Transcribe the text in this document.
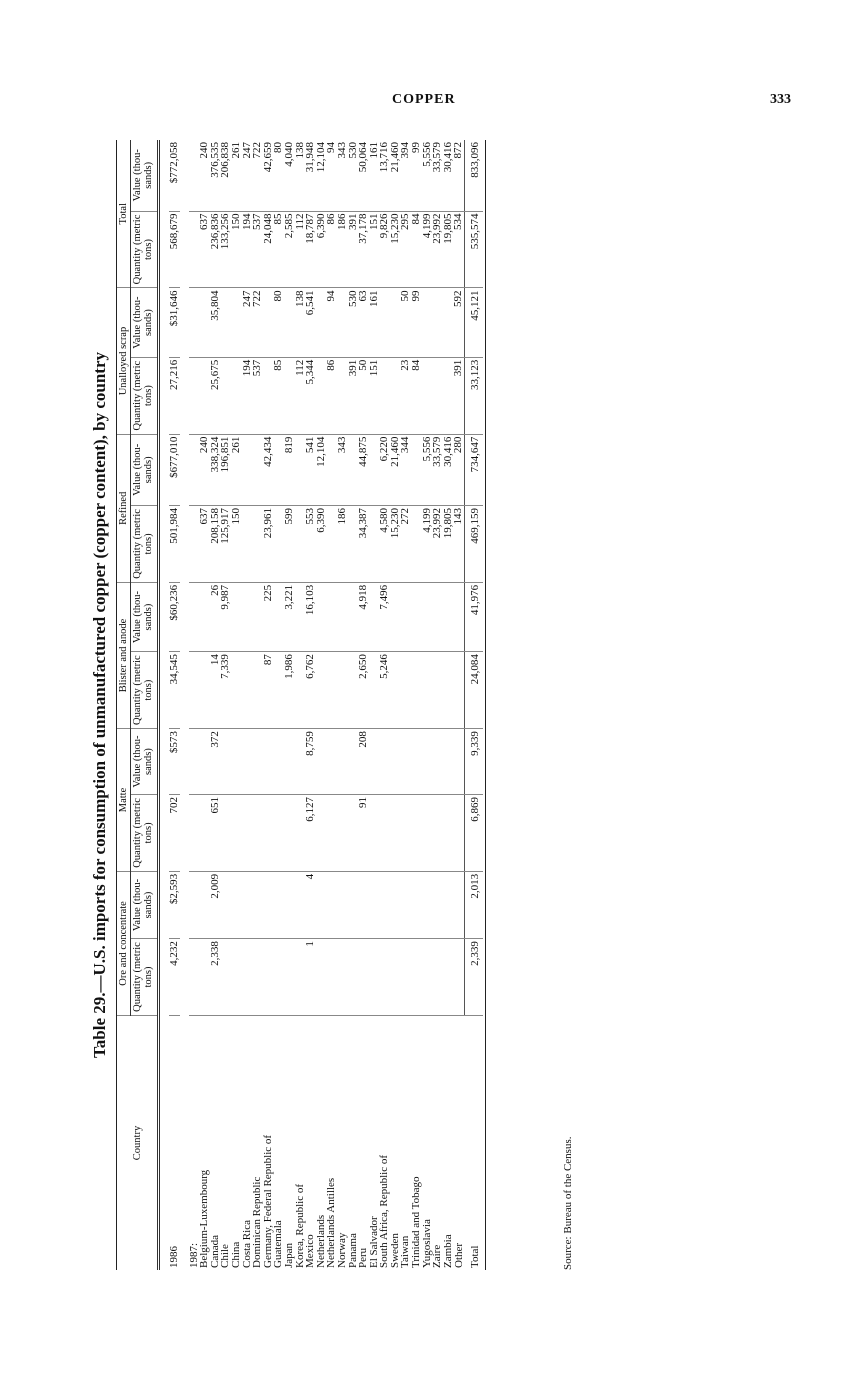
COPPER	333
Table 29.—U.S. imports for consumption of unmanufactured copper (copper content), by country
Country	Ore and concentrate		Matte		Blister and anode		Refined		Unalloyed scrap		Total	
	Quantity (metric tons)	Value (thou- sands)	Quantity (metric tons)	Value (thou- sands)	Quantity (metric tons)	Value (thou- sands)	Quantity (metric tons)	Value (thou- sands)	Quantity (metric tons)	Value (thou- sands)	Quantity (metric tons)	Value (thou- sands)

1986	4,232	$2,593	702	$573	34,545	$60,236	501,984	$677,010	27,216	$31,646	568,679	$772,058

1987:												
Belgium-Luxembourg							637	240			637	240
Canada	2,338	2,009	651	372	14	26	208,158	338,324	25,675	35,804	236,836	376,535
Chile					7,339	9,987	125,917	196,851			133,256	206,838
China							150	261			150	261
Costa Rica									194	247	194	247
Dominican Republic									537	722	537	722
Germany, Federal Republic of					87	225	23,961	42,434			24,048	42,659
Guatemala									85	80	85	80
Japan					1,986	3,221	599	819			2,585	4,040
Korea, Republic of									112	138	112	138
Mexico	1	4	6,127	8,759	6,762	16,103	553	541	5,344	6,541	18,787	31,948
Netherlands							6,390	12,104			6,390	12,104
Netherlands Antilles									86	94	86	94
Norway							186	343			186	343
Panama									391	530	391	530
Peru			91	208	2,650	4,918	34,387	44,875	50	63	37,178	50,064
El Salvador									151	161	151	161
South Africa, Republic of					5,246	7,496	4,580	6,220			9,826	13,716
Sweden							15,230	21,460			15,230	21,460
Taiwan							272	344	23	50	295	394
Trinidad and Tobago									84	99	84	99
Yugoslavia							4,199	5,556			4,199	5,556
Zaire							23,992	33,579			23,992	33,579
Zambia							19,805	30,416			19,805	30,416
Other							143	280	391	592	534	872
Total	2,339	2,013	6,869	9,339	24,084	41,976	469,159	734,647	33,123	45,121	535,574	833,096

Source: Bureau of the Census.
